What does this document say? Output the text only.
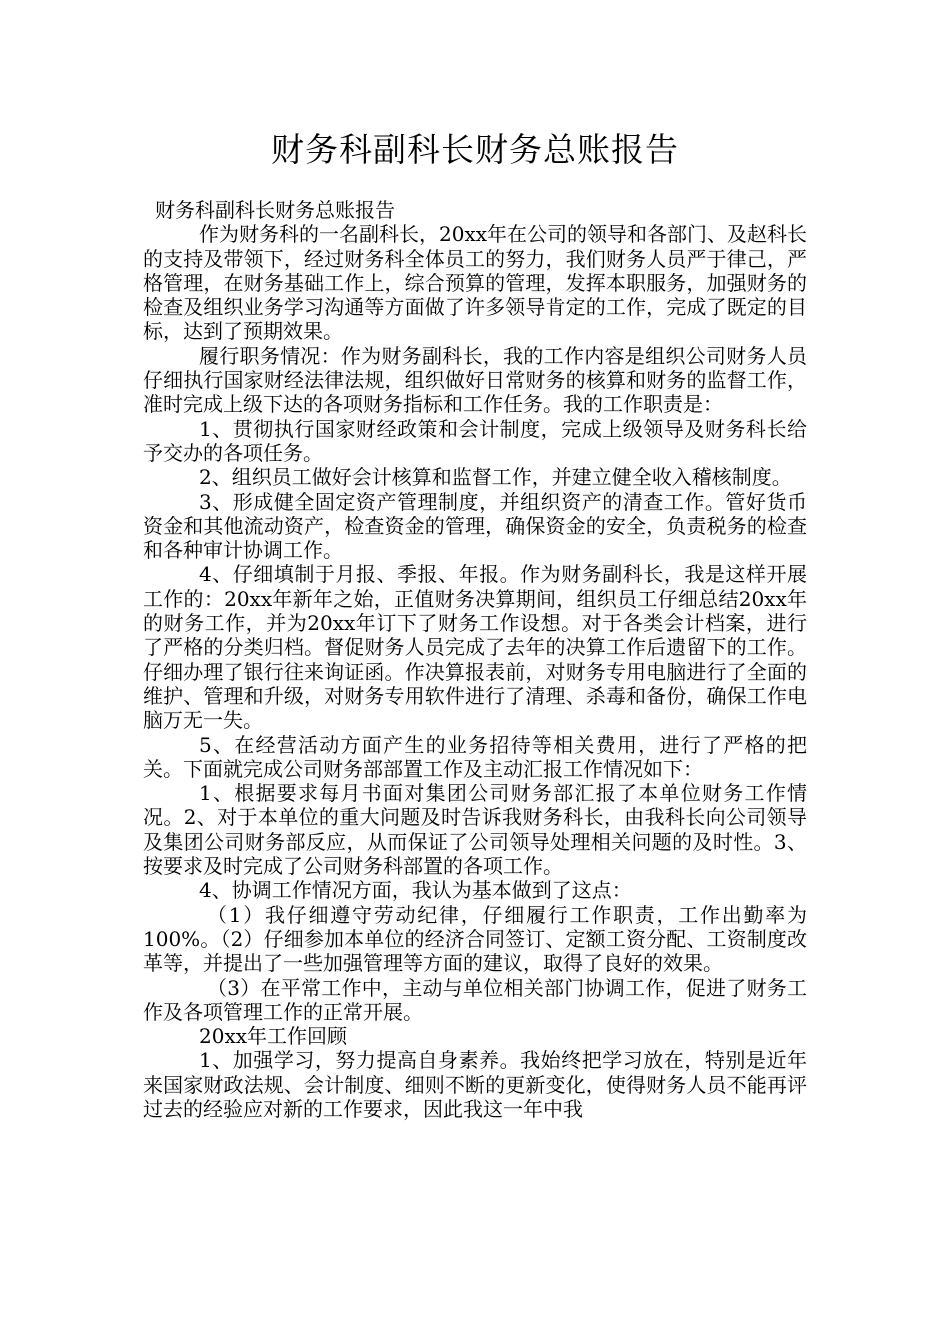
财务科副科长财务总账报告

财务科副科长财务总账报告

作为财务科的一名副科长，20xx年在公司的领导和各部门、及赵科长的支持及带领下，经过财务科全体员工的努力，我们财务人员严于律己，严格管理，在财务基础工作上，综合预算的管理，发挥本职服务，加强财务的检查及组织业务学习沟通等方面做了许多领导肯定的工作，完成了既定的目标，达到了预期效果。

履行职务情况：作为财务副科长，我的工作内容是组织公司财务人员仔细执行国家财经法律法规，组织做好日常财务的核算和财务的监督工作，准时完成上级下达的各项财务指标和工作任务。我的工作职责是：

1、贯彻执行国家财经政策和会计制度，完成上级领导及财务科长给予交办的各项任务。

2、组织员工做好会计核算和监督工作，并建立健全收入稽核制度。

3、形成健全固定资产管理制度，并组织资产的清查工作。管好货币资金和其他流动资产，检查资金的管理，确保资金的安全，负责税务的检查和各种审计协调工作。

4、仔细填制于月报、季报、年报。作为财务副科长，我是这样开展工作的：20xx年新年之始，正值财务决算期间，组织员工仔细总结20xx年的财务工作，并为20xx年订下了财务工作设想。对于各类会计档案，进行了严格的分类归档。督促财务人员完成了去年的决算工作后遗留下的工作。仔细办理了银行往来询证函。作决算报表前，对财务专用电脑进行了全面的维护、管理和升级，对财务专用软件进行了清理、杀毒和备份，确保工作电脑万无一失。

5、在经营活动方面产生的业务招待等相关费用，进行了严格的把关。下面就完成公司财务部部置工作及主动汇报工作情况如下：

1、根据要求每月书面对集团公司财务部汇报了本单位财务工作情况。2、对于本单位的重大问题及时告诉我财务科长，由我科长向公司领导及集团公司财务部反应，从而保证了公司领导处理相关问题的及时性。3、按要求及时完成了公司财务科部置的各项工作。

4、协调工作情况方面，我认为基本做到了这点：

（1）我仔细遵守劳动纪律，仔细履行工作职责，工作出勤率为100%。（2）仔细参加本单位的经济合同签订、定额工资分配、工资制度改革等，并提出了一些加强管理等方面的建议，取得了良好的效果。

（3）在平常工作中，主动与单位相关部门协调工作，促进了财务工作及各项管理工作的正常开展。

20xx年工作回顾

1、加强学习，努力提高自身素养。我始终把学习放在，特别是近年来国家财政法规、会计制度、细则不断的更新变化，使得财务人员不能再评过去的经验应对新的工作要求，因此我这一年中我
